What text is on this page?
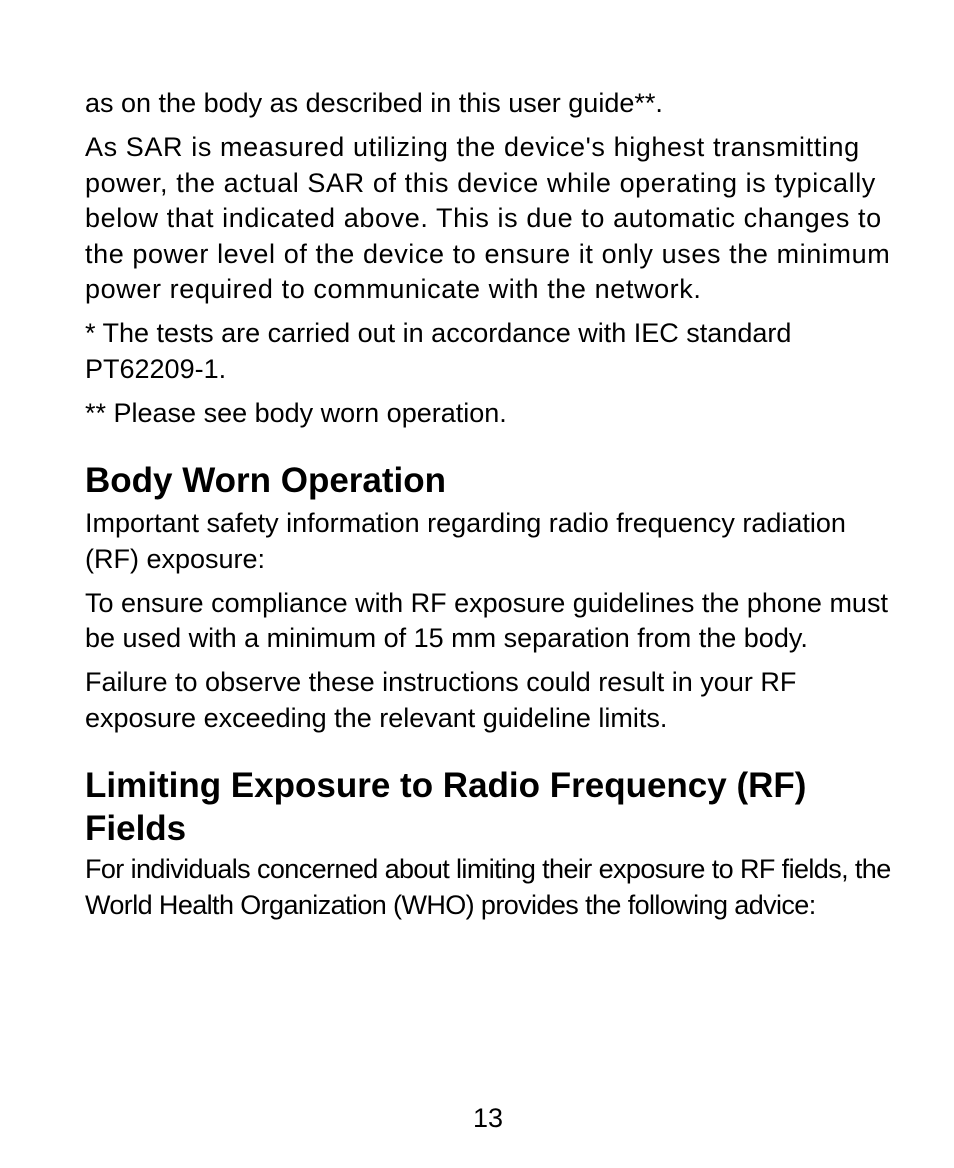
as on the body as described in this user guide**.

As SAR is measured utilizing the device's highest transmitting power, the actual SAR of this device while operating is typically below that indicated above. This is due to automatic changes to the power level of the device to ensure it only uses the minimum power required to communicate with the network.

* The tests are carried out in accordance with IEC standard PT62209-1.

** Please see body worn operation.

Body Worn Operation

Important safety information regarding radio frequency radiation (RF) exposure:

To ensure compliance with RF exposure guidelines the phone must be used with a minimum of 15 mm separation from the body.

Failure to observe these instructions could result in your RF exposure exceeding the relevant guideline limits.

Limiting Exposure to Radio Frequency (RF) Fields

For individuals concerned about limiting their exposure to RF fields, the World Health Organization (WHO) provides the following advice:

13
